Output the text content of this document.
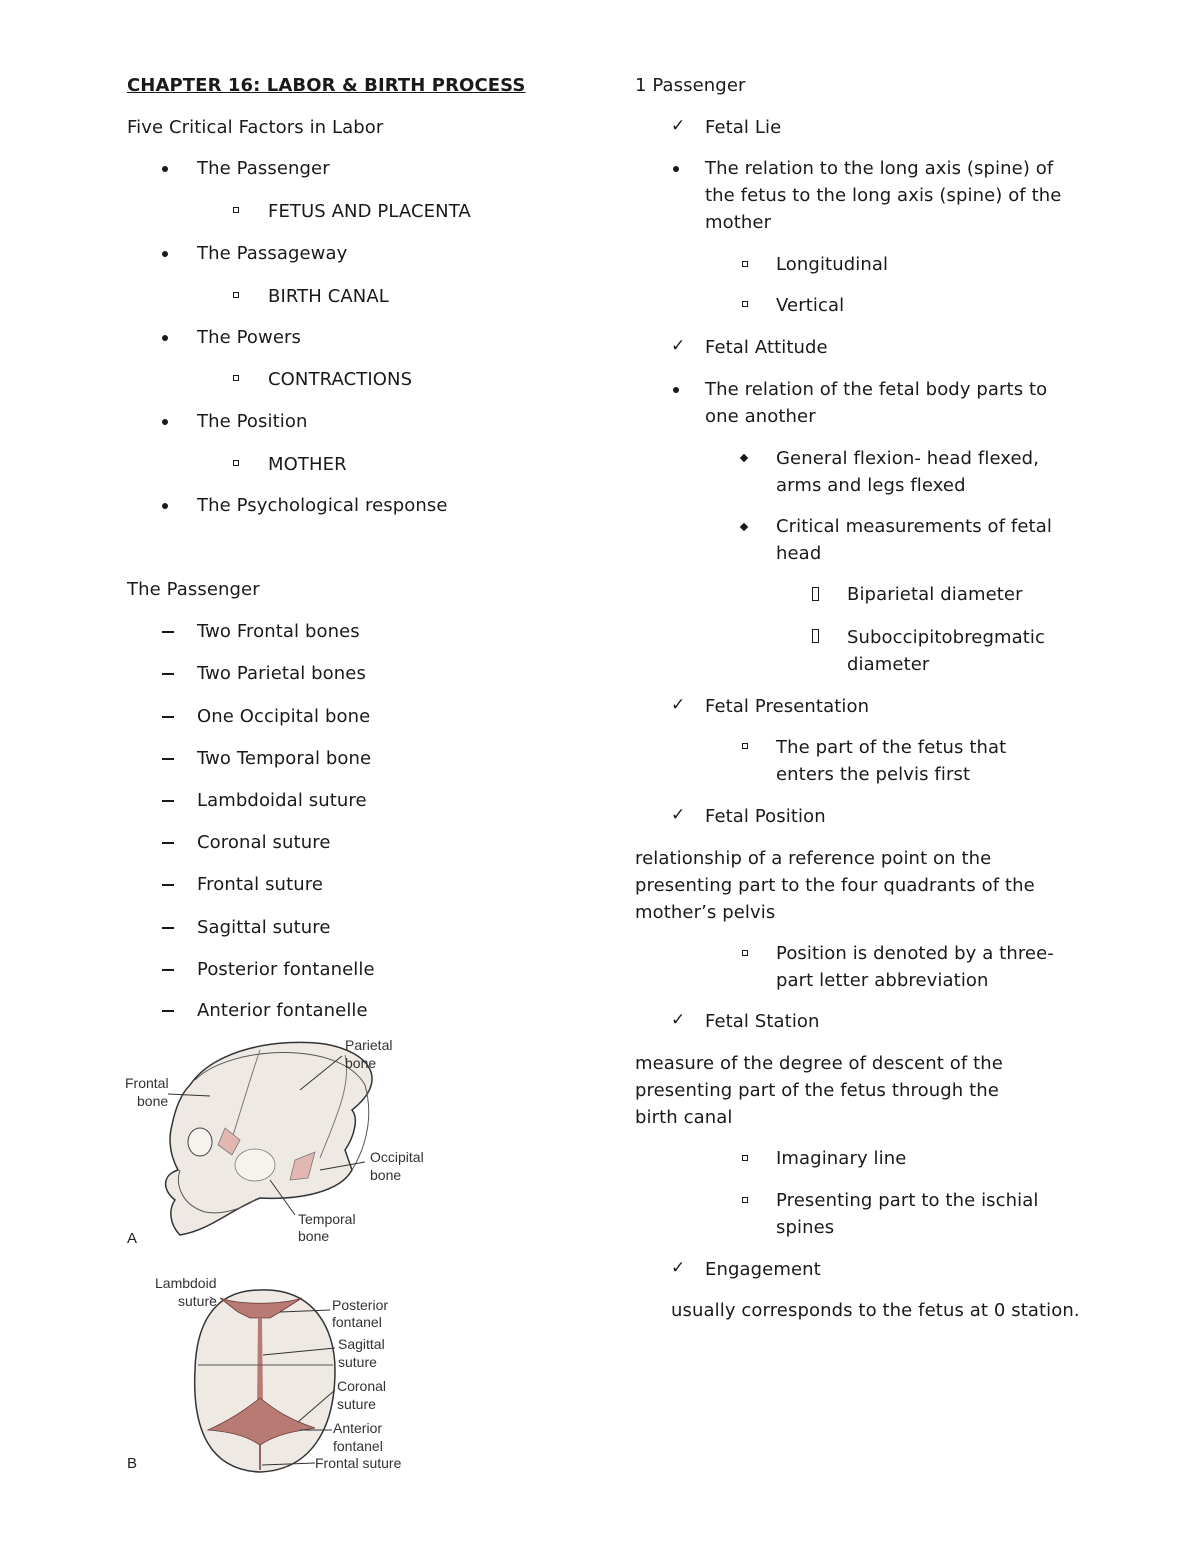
CHAPTER 16: LABOR & BIRTH PROCESS
Five Critical Factors in Labor
The Passenger
FETUS AND PLACENTA
The Passageway
BIRTH CANAL
The Powers
CONTRACTIONS
The Position
MOTHER
The Psychological response
The Passenger
Two Frontal bones
Two Parietal bones
One Occipital bone
Two Temporal bone
Lambdoidal suture
Coronal suture
Frontal suture
Sagittal suture
Posterior fontanelle
Anterior fontanelle
Parietal
bone
Frontal
bone
Occipital
bone
Temporal
bone
A
Lambdoid
suture	Posterior
fontanel
Sagittal
suture
Coronal
suture
Anterior
fontanel
Frontal suture
B
1 Passenger
✓ Fetal Lie
The relation to the long axis (spine) of the fetus to the long axis (spine) of the mother
Longitudinal
Vertical
✓ Fetal Attitude
The relation of the fetal body parts to one another
General flexion- head flexed, arms and legs flexed
Critical measurements of fetal head
Biparietal diameter
Suboccipitobregmatic diameter
✓ Fetal Presentation
The part of the fetus that enters the pelvis first
✓ Fetal Position
relationship of a reference point on the presenting part to the four quadrants of the mother’s pelvis
Position is denoted by a three-part letter abbreviation
✓ Fetal Station
measure of the degree of descent of the presenting part of the fetus through the birth canal
Imaginary line
Presenting part to the ischial spines
✓ Engagement
usually corresponds to the fetus at 0 station.
